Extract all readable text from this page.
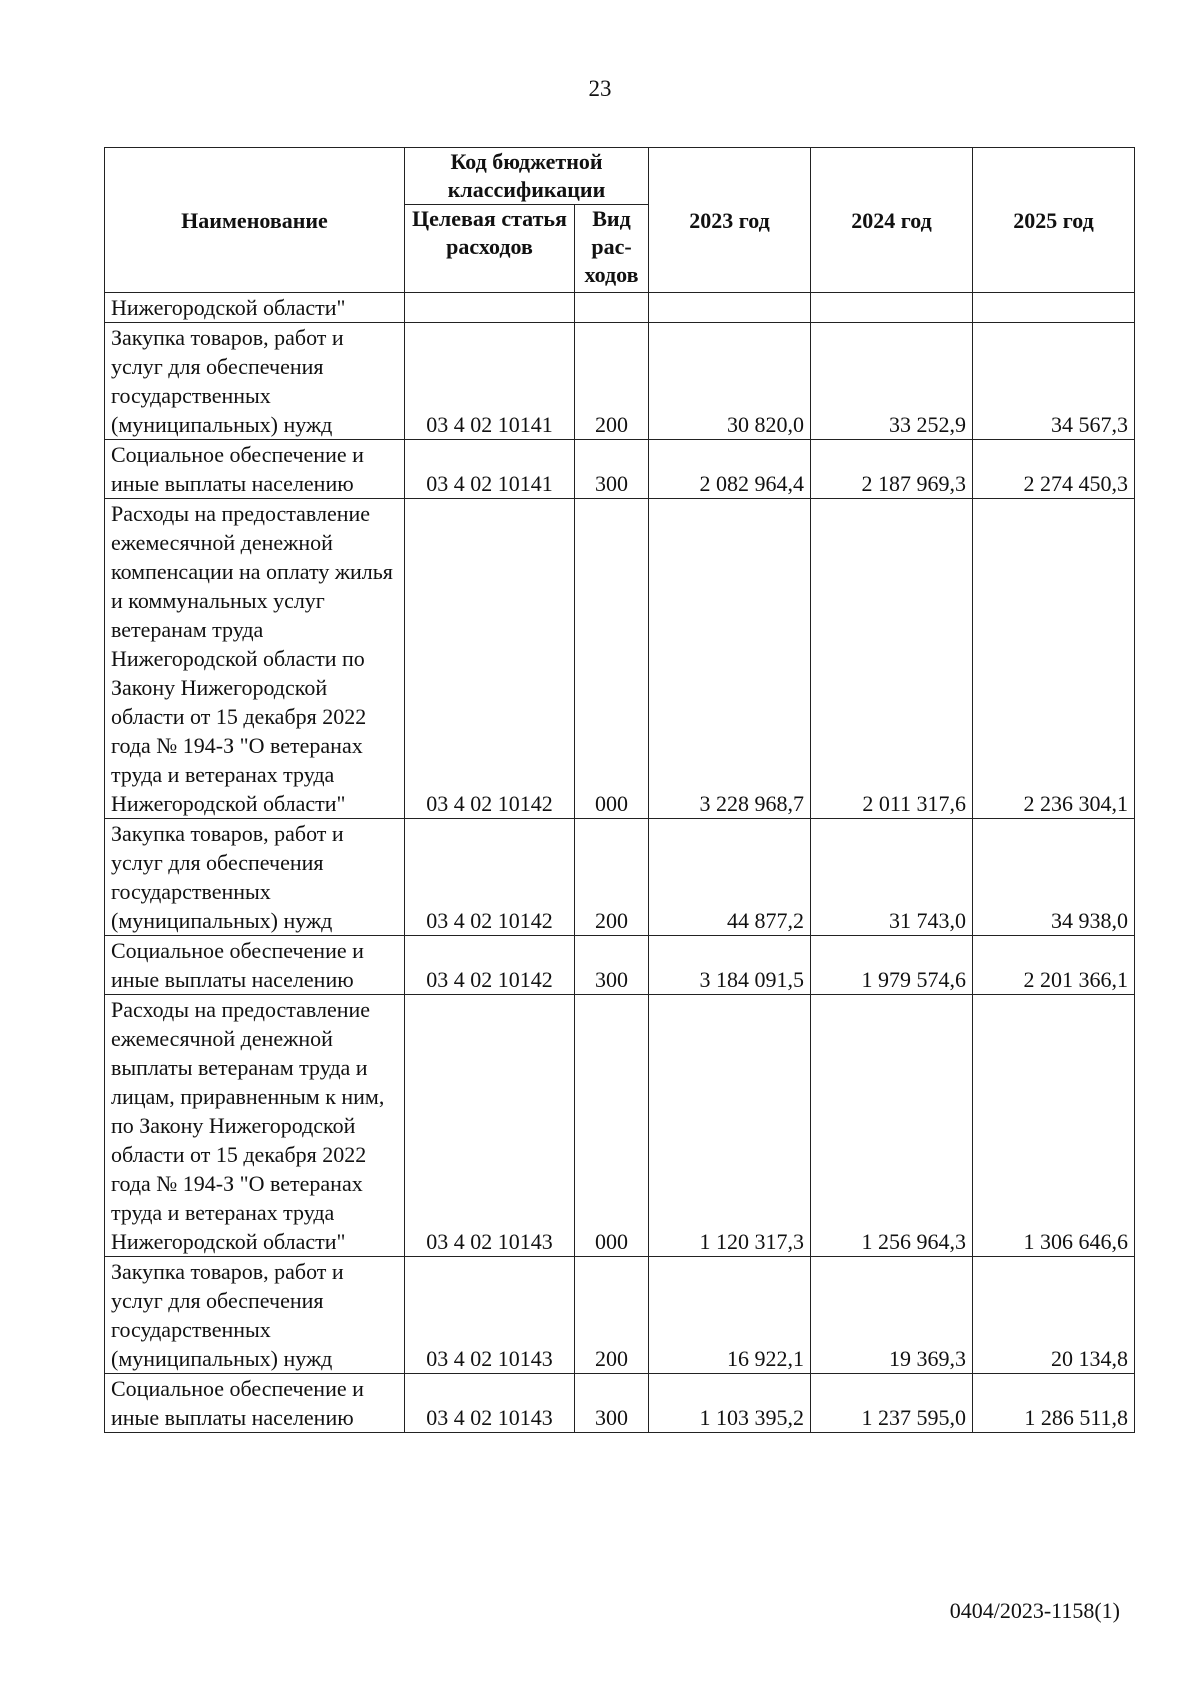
23
Наименование	Код бюджетной классификации		2023 год	2024 год	2025 год
	Целевая статья расходов	Вид рас-ходов			
Нижегородской области"					
Закупка товаров, работ и услуг для обеспечения государственных (муниципальных) нужд	03 4 02 10141	200	30 820,0	33 252,9	34 567,3
Социальное обеспечение и иные выплаты населению	03 4 02 10141	300	2 082 964,4	2 187 969,3	2 274 450,3
Расходы на предоставление ежемесячной денежной компенсации на оплату жилья и коммунальных услуг ветеранам труда Нижегородской области по Закону Нижегородской области от 15 декабря 2022 года № 194-З "О ветеранах труда и ветеранах труда Нижегородской области"	03 4 02 10142	000	3 228 968,7	2 011 317,6	2 236 304,1
Закупка товаров, работ и услуг для обеспечения государственных (муниципальных) нужд	03 4 02 10142	200	44 877,2	31 743,0	34 938,0
Социальное обеспечение и иные выплаты населению	03 4 02 10142	300	3 184 091,5	1 979 574,6	2 201 366,1
Расходы на предоставление ежемесячной денежной выплаты ветеранам труда и лицам, приравненным к ним, по Закону Нижегородской области от 15 декабря 2022 года № 194-З "О ветеранах труда и ветеранах труда Нижегородской области"	03 4 02 10143	000	1 120 317,3	1 256 964,3	1 306 646,6
Закупка товаров, работ и услуг для обеспечения государственных (муниципальных) нужд	03 4 02 10143	200	16 922,1	19 369,3	20 134,8
Социальное обеспечение и иные выплаты населению	03 4 02 10143	300	1 103 395,2	1 237 595,0	1 286 511,8
0404/2023-1158(1)
